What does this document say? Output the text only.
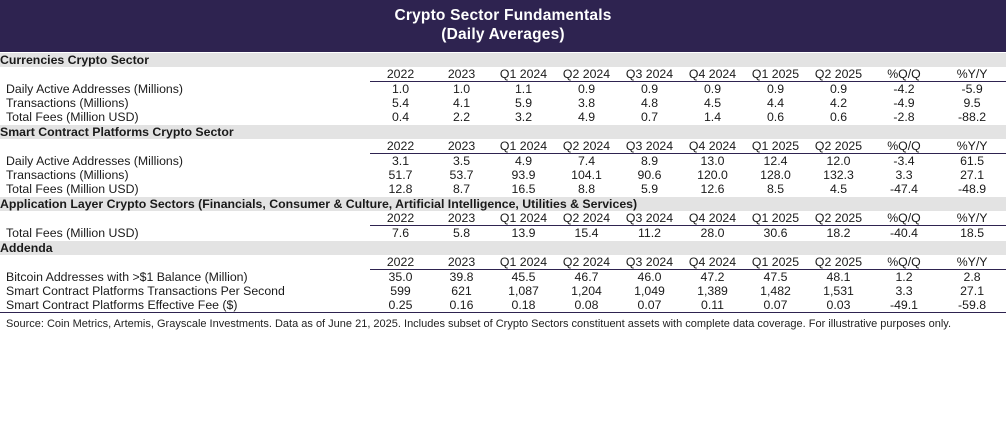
Crypto Sector Fundamentals
(Daily Averages)
Currencies Crypto Sector										
	2022	2023	Q1 2024	Q2 2024	Q3 2024	Q4 2024	Q1 2025	Q2 2025	%Q/Q	%Y/Y
Daily Active Addresses (Millions)	1.0	1.0	1.1	0.9	0.9	0.9	0.9	0.9	-4.2	-5.9
Transactions (Millions)	5.4	4.1	5.9	3.8	4.8	4.5	4.4	4.2	-4.9	9.5
Total Fees (Million USD)	0.4	2.2	3.2	4.9	0.7	1.4	0.6	0.6	-2.8	-88.2
Smart Contract Platforms Crypto Sector										
	2022	2023	Q1 2024	Q2 2024	Q3 2024	Q4 2024	Q1 2025	Q2 2025	%Q/Q	%Y/Y
Daily Active Addresses (Millions)	3.1	3.5	4.9	7.4	8.9	13.0	12.4	12.0	-3.4	61.5
Transactions (Millions)	51.7	53.7	93.9	104.1	90.6	120.0	128.0	132.3	3.3	27.1
Total Fees (Million USD)	12.8	8.7	16.5	8.8	5.9	12.6	8.5	4.5	-47.4	-48.9
Application Layer Crypto Sectors (Financials, Consumer & Culture, Artificial Intelligence, Utilities & Services)										
	2022	2023	Q1 2024	Q2 2024	Q3 2024	Q4 2024	Q1 2025	Q2 2025	%Q/Q	%Y/Y
Total Fees (Million USD)	7.6	5.8	13.9	15.4	11.2	28.0	30.6	18.2	-40.4	18.5
Addenda										
	2022	2023	Q1 2024	Q2 2024	Q3 2024	Q4 2024	Q1 2025	Q2 2025	%Q/Q	%Y/Y
Bitcoin Addresses with >$1 Balance (Million)	35.0	39.8	45.5	46.7	46.0	47.2	47.5	48.1	1.2	2.8
Smart Contract Platforms Transactions Per Second	599	621	1,087	1,204	1,049	1,389	1,482	1,531	3.3	27.1
Smart Contract Platforms Effective Fee ($)	0.25	0.16	0.18	0.08	0.07	0.11	0.07	0.03	-49.1	-59.8
Source: Coin Metrics, Artemis, Grayscale Investments. Data as of June 21, 2025. Includes subset of Crypto Sectors constituent assets with complete data coverage. For illustrative purposes only.
